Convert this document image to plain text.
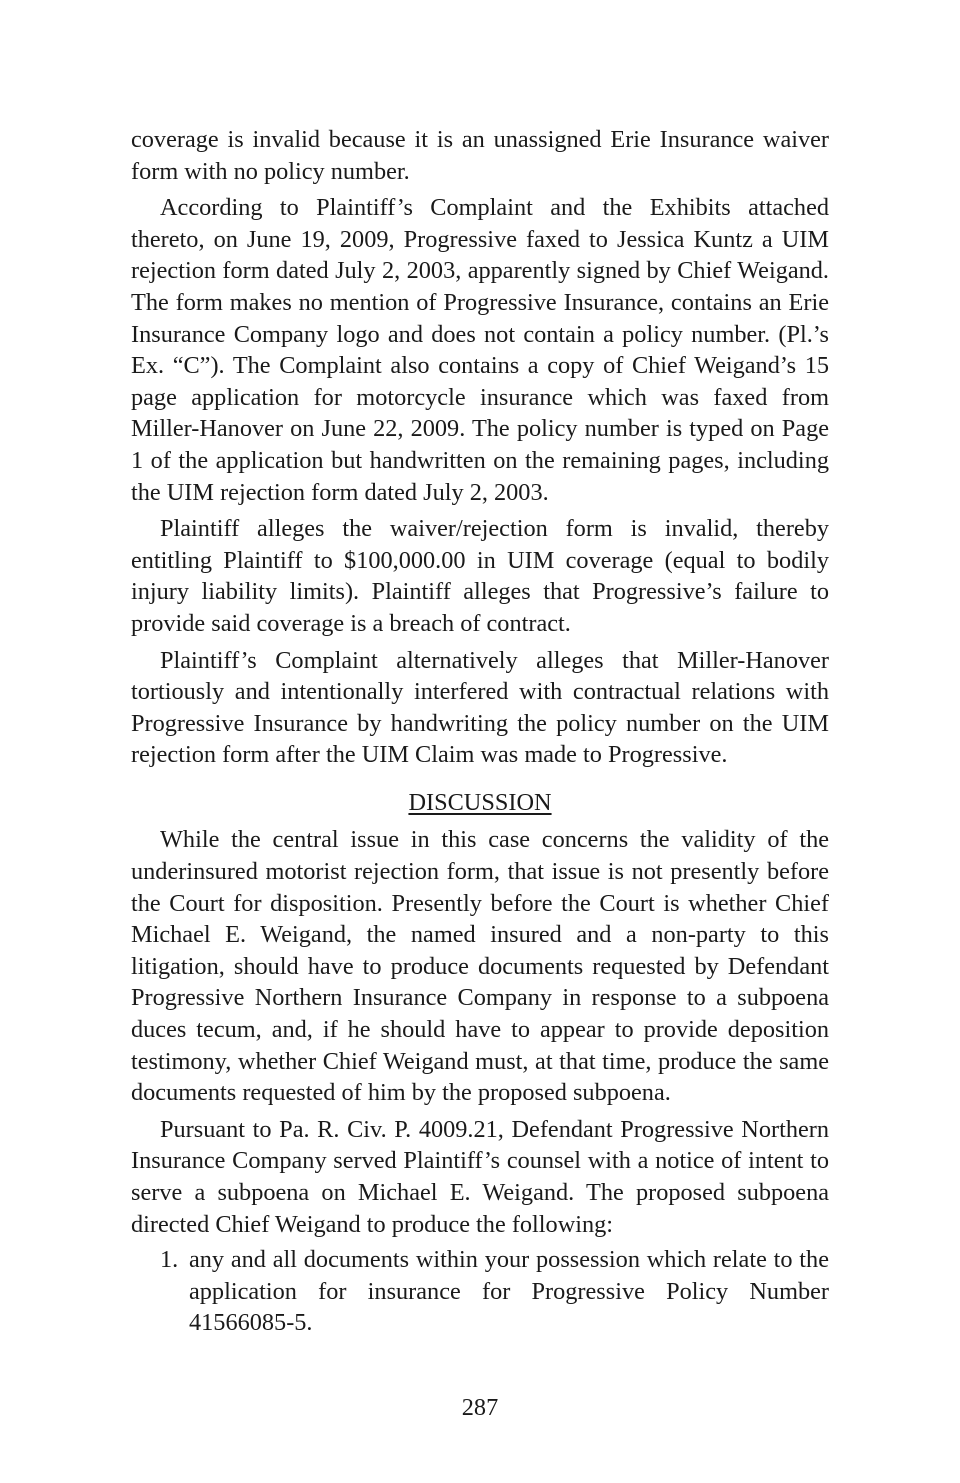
coverage is invalid because it is an unassigned Erie Insurance waiver form with no policy number.

According to Plaintiff’s Complaint and the Exhibits attached thereto, on June 19, 2009, Progressive faxed to Jessica Kuntz a UIM rejection form dated July 2, 2003, apparently signed by Chief Weigand. The form makes no mention of Progressive Insurance, contains an Erie Insurance Company logo and does not contain a policy number. (Pl.’s Ex. “C”). The Complaint also contains a copy of Chief Weigand’s 15 page application for motorcycle insurance which was faxed from Miller-Hanover on June 22, 2009. The policy number is typed on Page 1 of the application but handwritten on the remaining pages, including the UIM rejection form dated July 2, 2003.

Plaintiff alleges the waiver/rejection form is invalid, thereby entitling Plaintiff to $100,000.00 in UIM coverage (equal to bodily injury liability limits). Plaintiff alleges that Progressive’s failure to provide said coverage is a breach of contract.

Plaintiff’s Complaint alternatively alleges that Miller-Hanover tortiously and intentionally interfered with contractual relations with Progressive Insurance by handwriting the policy number on the UIM rejection form after the UIM Claim was made to Progressive.

DISCUSSION

While the central issue in this case concerns the validity of the underinsured motorist rejection form, that issue is not presently before the Court for disposition. Presently before the Court is whether Chief Michael E. Weigand, the named insured and a non-party to this litigation, should have to produce documents requested by Defendant Progressive Northern Insurance Company in response to a subpoena duces tecum, and, if he should have to appear to provide deposition testimony, whether Chief Weigand must, at that time, produce the same documents requested of him by the proposed subpoena.

Pursuant to Pa. R. Civ. P. 4009.21, Defendant Progressive Northern Insurance Company served Plaintiff’s counsel with a notice of intent to serve a subpoena on Michael E. Weigand. The proposed subpoena directed Chief Weigand to produce the following:

1. any and all documents within your possession which relate to the application for insurance for Progressive Policy Number 41566085-5.
287
